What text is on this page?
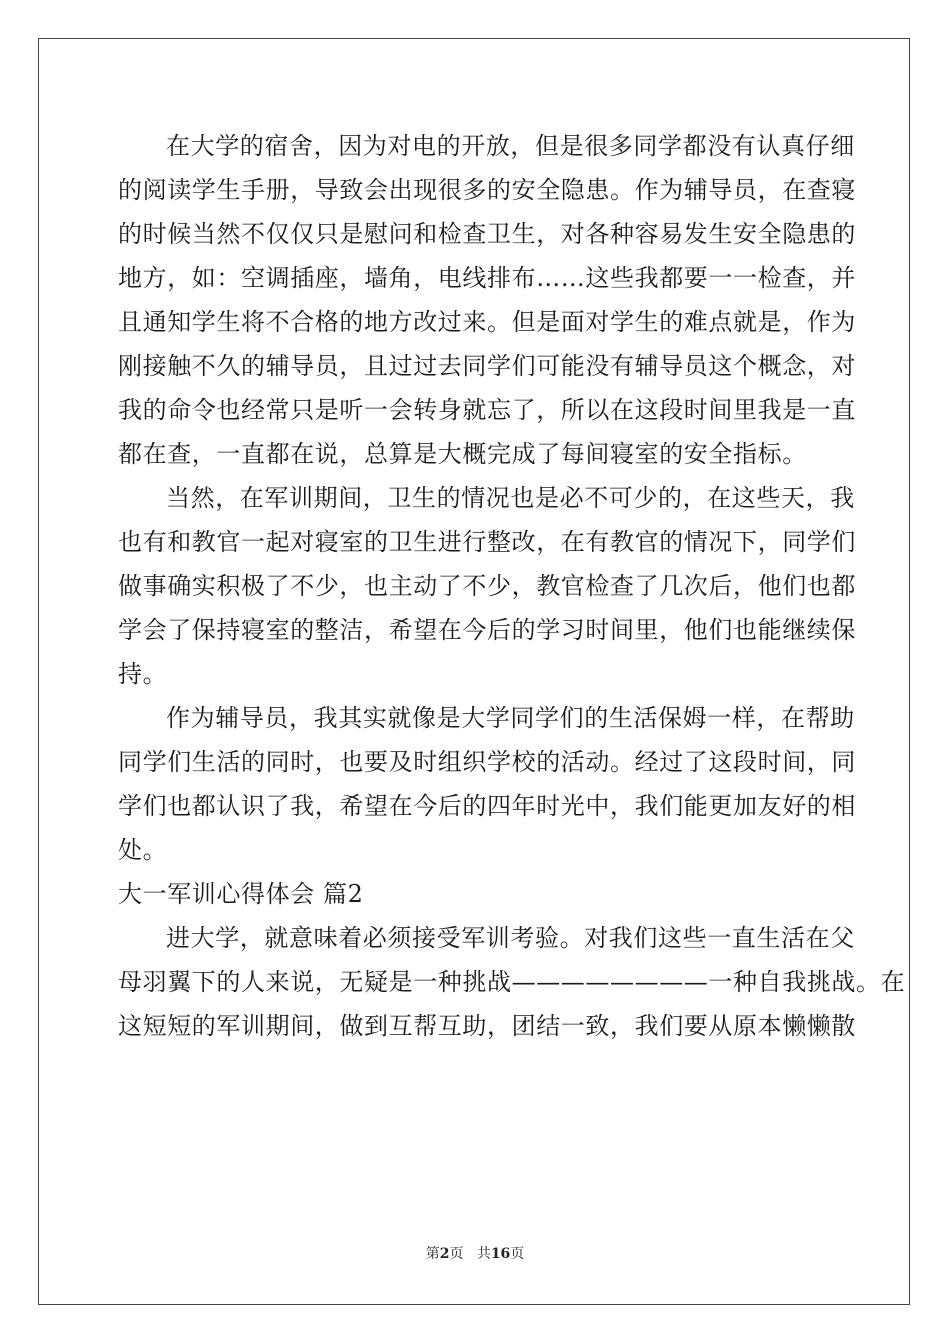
在大学的宿舍，因为对电的开放，但是很多同学都没有认真仔细
的阅读学生手册，导致会出现很多的安全隐患。作为辅导员，在查寝
的时候当然不仅仅只是慰问和检查卫生，对各种容易发生安全隐患的
地方，如：空调插座，墙角，电线排布……这些我都要一一检查，并
且通知学生将不合格的地方改过来。但是面对学生的难点就是，作为
刚接触不久的辅导员，且过过去同学们可能没有辅导员这个概念，对
我的命令也经常只是听一会转身就忘了，所以在这段时间里我是一直
都在查，一直都在说，总算是大概完成了每间寝室的安全指标。
当然，在军训期间，卫生的情况也是必不可少的，在这些天，我
也有和教官一起对寝室的卫生进行整改，在有教官的情况下，同学们
做事确实积极了不少，也主动了不少，教官检查了几次后，他们也都
学会了保持寝室的整洁，希望在今后的学习时间里，他们也能继续保
持。
作为辅导员，我其实就像是大学同学们的生活保姆一样，在帮助
同学们生活的同时，也要及时组织学校的活动。经过了这段时间，同
学们也都认识了我，希望在今后的四年时光中，我们能更加友好的相
处。
大一军训心得体会 篇2
进大学，就意味着必须接受军训考验。对我们这些一直生活在父
母羽翼下的人来说，无疑是一种挑战————————一种自我挑战。在
这短短的军训期间，做到互帮互助，团结一致，我们要从原本懒懒散
第2页 共16页
